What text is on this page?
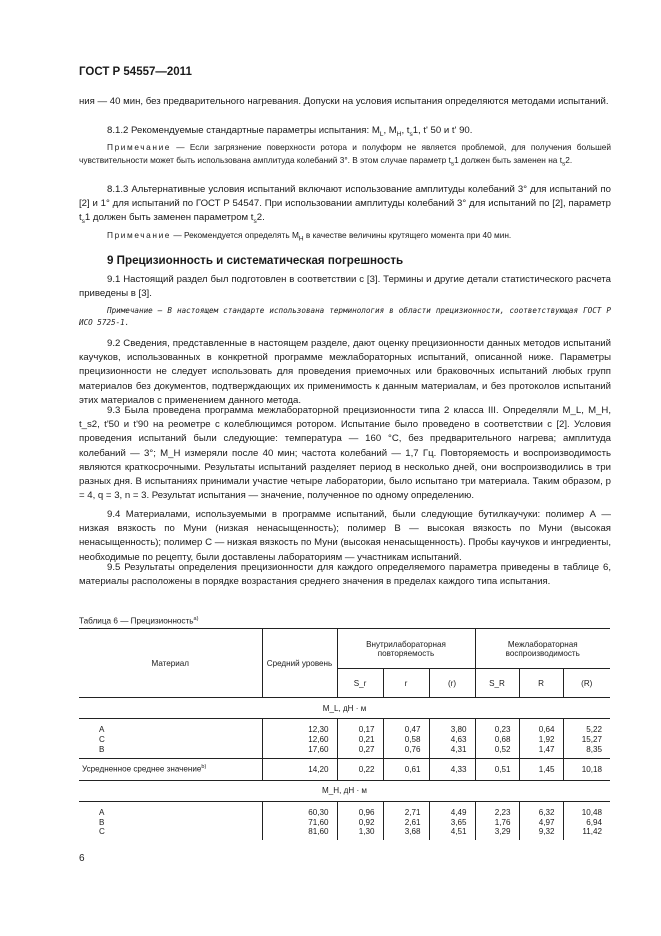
ГОСТ Р 54557—2011

ния — 40 мин, без предварительного нагревания. Допуски на условия испытания определяются методами испытаний.

8.1.2 Рекомендуемые стандартные параметры испытания: $M_L$, $M_H$, $t_s1$, t' 50 и t' 90.

Примечание — Если загрязнение поверхности ротора и полуформ не является проблемой, для получения большей чувствительности может быть использована амплитуда колебаний 3°. В этом случае параметр $t_s1$ должен быть заменен на $t_s2$.

8.1.3 Альтернативные условия испытаний включают использование амплитуды колебаний 3° для испытаний по [2] и 1° для испытаний по ГОСТ Р 54547. При использовании амплитуды колебаний 3° для испытаний по [2], параметр $t_s1$ должен быть заменен параметром $t_s2$.

Примечание — Рекомендуется определять $M_H$ в качестве величины крутящего момента при 40 мин.

9 Прецизионность и систематическая погрешность

9.1 Настоящий раздел был подготовлен в соответствии с [3]. Термины и другие детали статистического расчета приведены в [3].

Примечание — В настоящем стандарте использована терминология в области прецизионности, соответствующая ГОСТ Р ИСО 5725-1.

9.2 Сведения, представленные в настоящем разделе, дают оценку прецизионности данных методов испытаний каучуков, использованных в конкретной программе межлабораторных испытаний, описанной ниже. Параметры прецизионности не следует использовать для проведения приемочных или браковочных испытаний любых групп материалов без документов, подтверждающих их применимость к данным материалам, и без протоколов испытаний этих материалов с применением данного метода.

9.3 Была проведена программа межлабораторной прецизионности типа 2 класса III. Определяли M_L, M_H, t_s2, t'50 и t'90 на реометре с колеблющимся ротором. Испытание было проведено в соответствии с [2]. Условия проведения испытаний были следующие: температура — 160 °С, без предварительного нагрева; амплитуда колебаний — 3°; M_H измеряли после 40 мин; частота колебаний — 1,7 Гц. Повторяемость и воспроизводимость являются краткосрочными. Результаты испытаний разделяет период в несколько дней, они воспроизводились в три разных дня. В испытаниях принимали участие четыре лаборатории, было испытано три материала. Таким образом, p = 4, q = 3, n = 3. Результат испытания — значение, полученное по одному определению.

9.4 Материалами, используемыми в программе испытаний, были следующие бутилкаучуки: полимер А — низкая вязкость по Муни (низкая ненасыщенность); полимер В — высокая вязкость по Муни (высокая ненасыщенность); полимер С — низкая вязкость по Муни (высокая ненасыщенность). Пробы каучуков и ингредиенты, необходимые по рецепту, были доставлены лабораториям — участникам испытаний.

9.5 Результаты определения прецизионности для каждого определяемого параметра приведены в таблице 6, материалы расположены в порядке возрастания среднего значения в пределах каждого типа испытания.

Таблица 6 — Прецизионность$^{а)}$
Материал	Средний уровень	Внутрилабораторная повторяемость			Межлабораторная воспроизводимость		
		S_r	r	(r)	S_R	R	(R)
M_L, дН · м							
А	12,30	0,17	0,47	3,80	0,23	0,64	5,22
С	12,60	0,21	0,58	4,63	0,68	1,92	15,27
В	17,60	0,27	0,76	4,31	0,52	1,47	8,35
Усредненное среднее значение$^{b)}$	14,20	0,22	0,61	4,33	0,51	1,45	10,18
M_H, дН · м							
А	60,30	0,96	2,71	4,49	2,23	6,32	10,48
В	71,60	0,92	2,61	3,65	1,76	4,97	6,94
С	81,60	1,30	3,68	4,51	3,29	9,32	11,42
6
